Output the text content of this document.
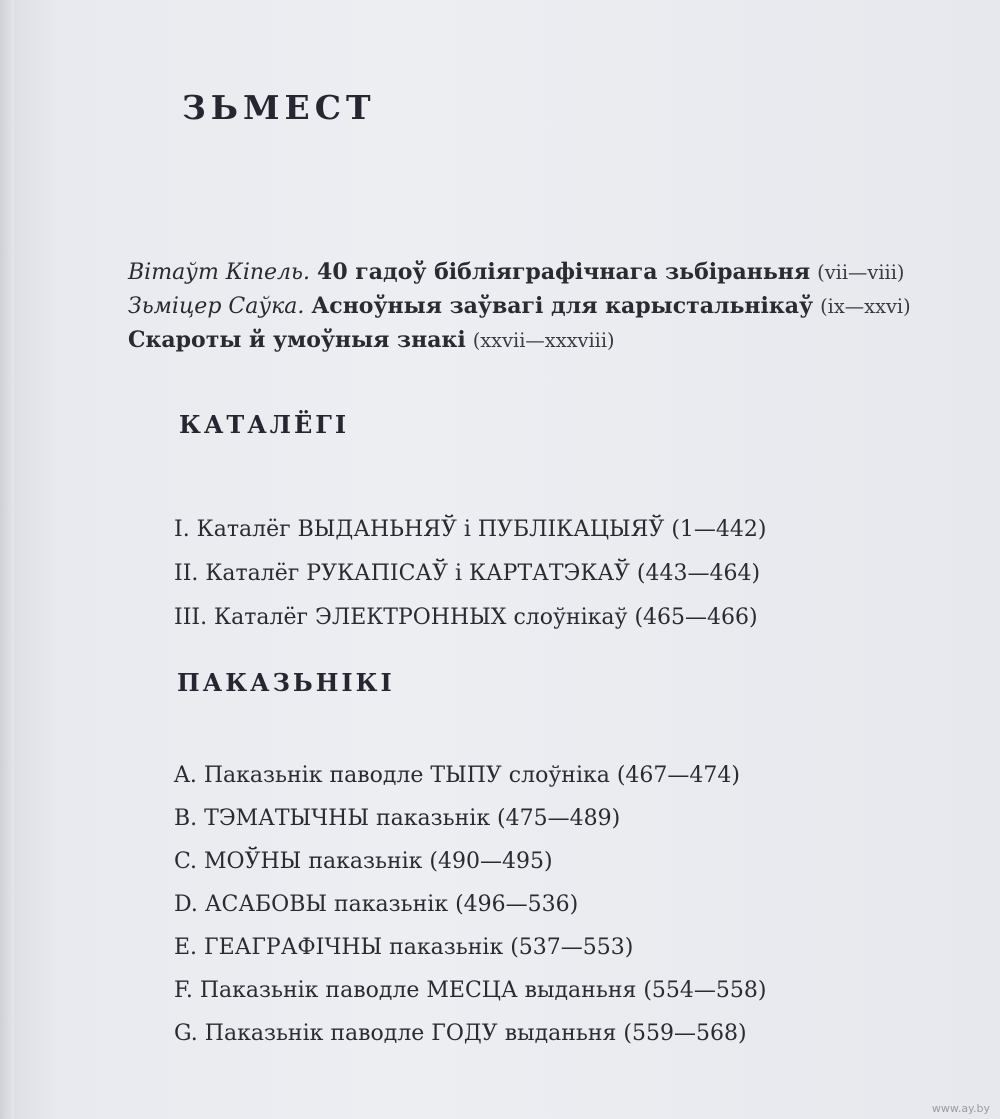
ЗЬМЕСТ
Вітаўт Кіпель. 40 гадоў бібліяграфічнага зьбіраньня (vii—viii)
Зьміцер Саўка. Асноўныя заўвагі для карыстальнікаў (ix—xxvi)
Скароты й умоўныя знакі (xxvii—xxxviii)
КАТАЛЁГІ
I. Каталёг ВЫДАНЬНЯЎ і ПУБЛІКАЦЫЯЎ (1—442)
II. Каталёг РУКАПІСАЎ і КАРТАТЭКАЎ (443—464)
III. Каталёг ЭЛЕКТРОННЫХ слоўнікаў (465—466)
ПАКАЗЬНІКІ
A. Паказьнік паводле ТЫПУ слоўніка (467—474)
B. ТЭМАТЫЧНЫ паказьнік (475—489)
C. МОЎНЫ паказьнік (490—495)
D. АСАБОВЫ паказьнік (496—536)
E. ГЕАГРАФІЧНЫ паказьнік (537—553)
F. Паказьнік паводле МЕСЦА выданьня (554—558)
G. Паказьнік паводле ГОДУ выданьня (559—568)
www.ay.by
